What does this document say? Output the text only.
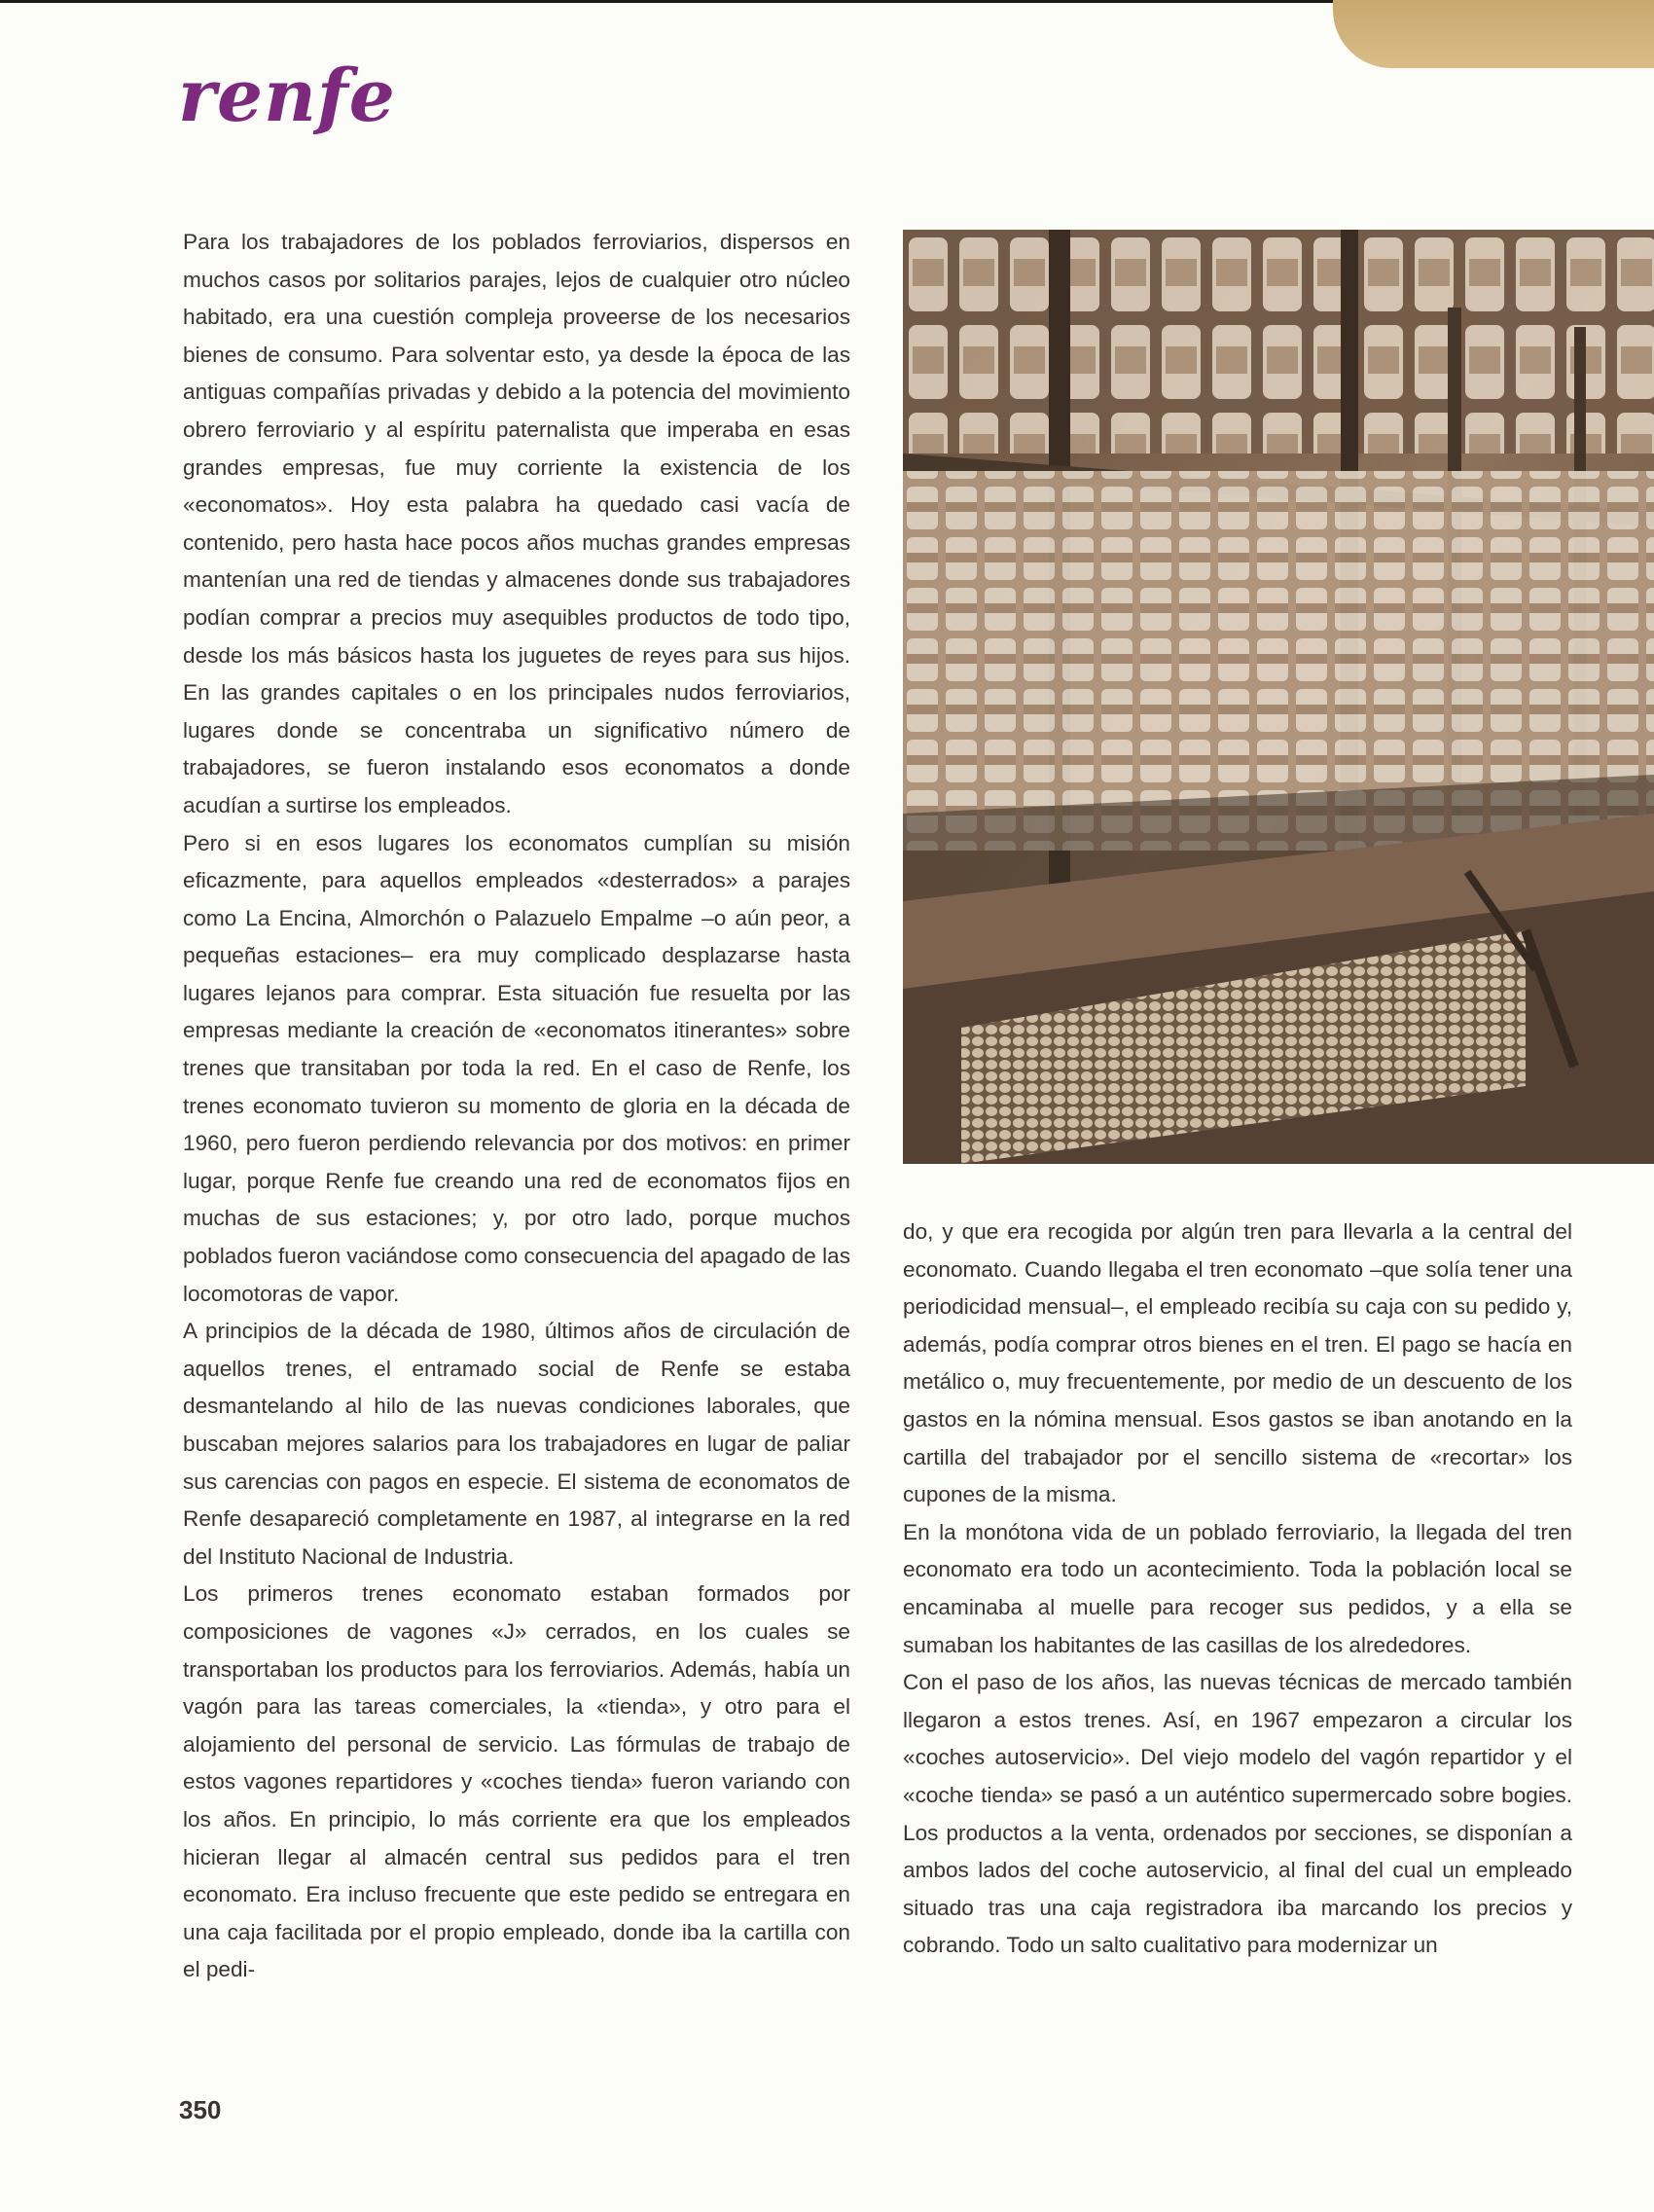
renfe

Para los trabajadores de los poblados ferroviarios, dispersos en muchos casos por solitarios parajes, lejos de cualquier otro núcleo habitado, era una cuestión compleja proveerse de los necesarios bienes de consumo. Para solventar esto, ya desde la época de las antiguas compañías privadas y debido a la potencia del movimiento obrero ferroviario y al espíritu paternalista que imperaba en esas grandes empresas, fue muy corriente la existencia de los «economatos». Hoy esta palabra ha quedado casi vacía de contenido, pero hasta hace pocos años muchas grandes empresas mantenían una red de tiendas y almacenes donde sus trabajadores podían comprar a precios muy asequibles productos de todo tipo, desde los más básicos hasta los juguetes de reyes para sus hijos. En las grandes capitales o en los principales nudos ferroviarios, lugares donde se concentraba un significativo número de trabajadores, se fueron instalando esos economatos a donde acudían a surtirse los empleados.

Pero si en esos lugares los economatos cumplían su misión eficazmente, para aquellos empleados «desterrados» a parajes como La Encina, Almorchón o Palazuelo Empalme –o aún peor, a pequeñas estaciones– era muy complicado desplazarse hasta lugares lejanos para comprar. Esta situación fue resuelta por las empresas mediante la creación de «economatos itinerantes» sobre trenes que transitaban por toda la red. En el caso de Renfe, los trenes economato tuvieron su momento de gloria en la década de 1960, pero fueron perdiendo relevancia por dos motivos: en primer lugar, porque Renfe fue creando una red de economatos fijos en muchas de sus estaciones; y, por otro lado, porque muchos poblados fueron vaciándose como consecuencia del apagado de las locomotoras de vapor.

A principios de la década de 1980, últimos años de circulación de aquellos trenes, el entramado social de Renfe se estaba desmantelando al hilo de las nuevas condiciones laborales, que buscaban mejores salarios para los trabajadores en lugar de paliar sus carencias con pagos en especie. El sistema de economatos de Renfe desapareció completamente en 1987, al integrarse en la red del Instituto Nacional de Industria.

Los primeros trenes economato estaban formados por composiciones de vagones «J» cerrados, en los cuales se transportaban los productos para los ferroviarios. Además, había un vagón para las tareas comerciales, la «tienda», y otro para el alojamiento del personal de servicio. Las fórmulas de trabajo de estos vagones repartidores y «coches tienda» fueron variando con los años. En principio, lo más corriente era que los empleados hicieran llegar al almacén central sus pedidos para el tren economato. Era incluso frecuente que este pedido se entregara en una caja facilitada por el propio empleado, donde iba la cartilla con el pedi-

do, y que era recogida por algún tren para llevarla a la central del economato. Cuando llegaba el tren economato –que solía tener una periodicidad mensual–, el empleado recibía su caja con su pedido y, además, podía comprar otros bienes en el tren. El pago se hacía en metálico o, muy frecuentemente, por medio de un descuento de los gastos en la nómina mensual. Esos gastos se iban anotando en la cartilla del trabajador por el sencillo sistema de «recortar» los cupones de la misma.

En la monótona vida de un poblado ferroviario, la llegada del tren economato era todo un acontecimiento. Toda la población local se encaminaba al muelle para recoger sus pedidos, y a ella se sumaban los habitantes de las casillas de los alrededores.

Con el paso de los años, las nuevas técnicas de mercado también llegaron a estos trenes. Así, en 1967 empezaron a circular los «coches autoservicio». Del viejo modelo del vagón repartidor y el «coche tienda» se pasó a un auténtico supermercado sobre bogies. Los productos a la venta, ordenados por secciones, se disponían a ambos lados del coche autoservicio, al final del cual un empleado situado tras una caja registradora iba marcando los precios y cobrando. Todo un salto cualitativo para modernizar un

350
